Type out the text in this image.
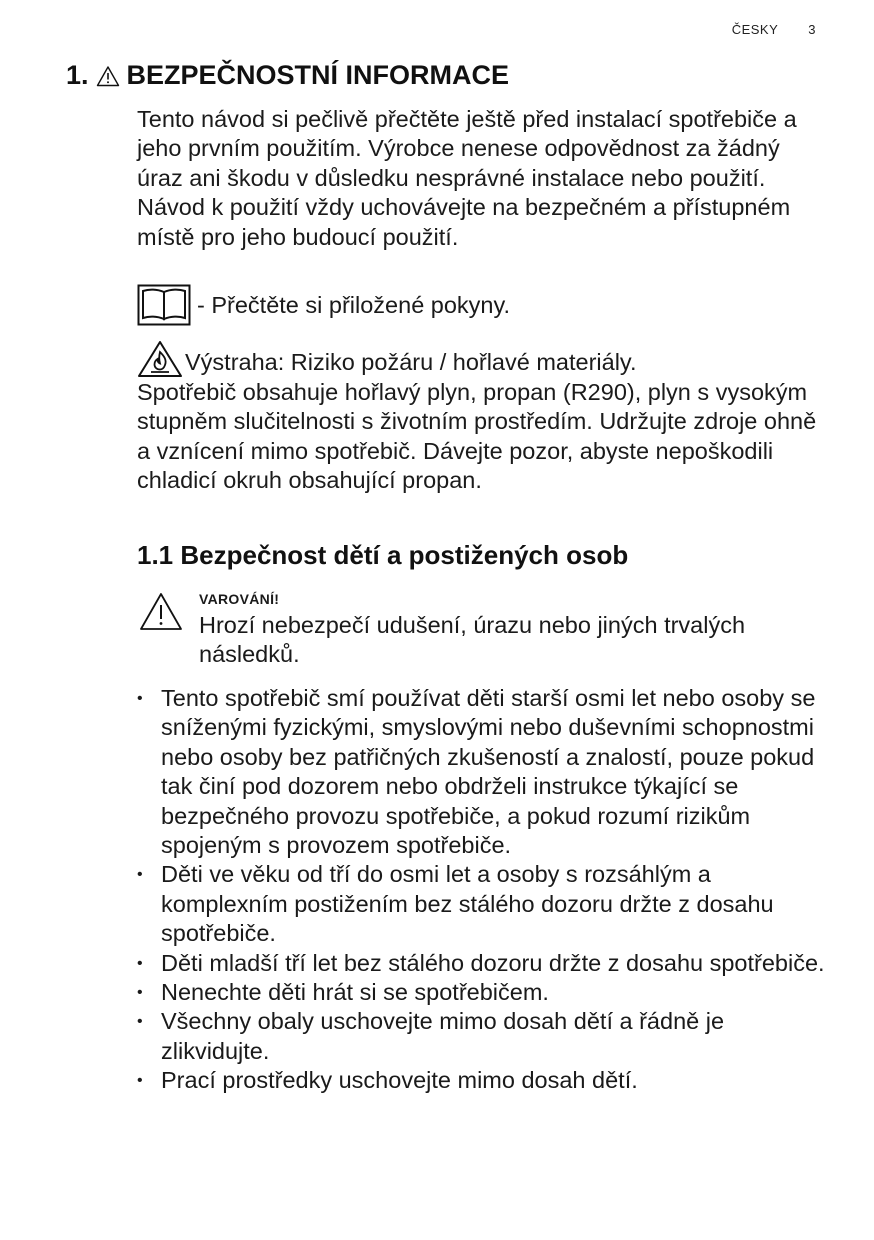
ČESKY 3
1. BEZPEČNOSTNÍ INFORMACE

Tento návod si pečlivě přečtěte ještě před instalací spotřebiče a jeho prvním použitím. Výrobce nenese odpovědnost za žádný úraz ani škodu v důsledku nesprávné instalace nebo použití. Návod k použití vždy uchovávejte na bezpečném a přístupném místě pro jeho budoucí použití.

- Přečtěte si přiložené pokyny.

Výstraha: Riziko požáru / hořlavé materiály.
Spotřebič obsahuje hořlavý plyn, propan (R290), plyn s vysokým stupněm slučitelnosti s životním prostředím. Udržujte zdroje ohně a vznícení mimo spotřebič. Dávejte pozor, abyste nepoškodili chladicí okruh obsahující propan.

1.1 Bezpečnost dětí a postižených osob
VAROVÁNÍ!
Hrozí nebezpečí udušení, úrazu nebo jiných trvalých následků.
• Tento spotřebič smí používat děti starší osmi let nebo osoby se sníženými fyzickými, smyslovými nebo duševními schopnostmi nebo osoby bez patřičných zkušeností a znalostí, pouze pokud tak činí pod dozorem nebo obdrželi instrukce týkající se bezpečného provozu spotřebiče, a pokud rozumí rizikům spojeným s provozem spotřebiče.
• Děti ve věku od tří do osmi let a osoby s rozsáhlým a komplexním postižením bez stálého dozoru držte z dosahu spotřebiče.
• Děti mladší tří let bez stálého dozoru držte z dosahu spotřebiče.
• Nenechte děti hrát si se spotřebičem.
• Všechny obaly uschovejte mimo dosah dětí a řádně je zlikvidujte.
• Prací prostředky uschovejte mimo dosah dětí.
